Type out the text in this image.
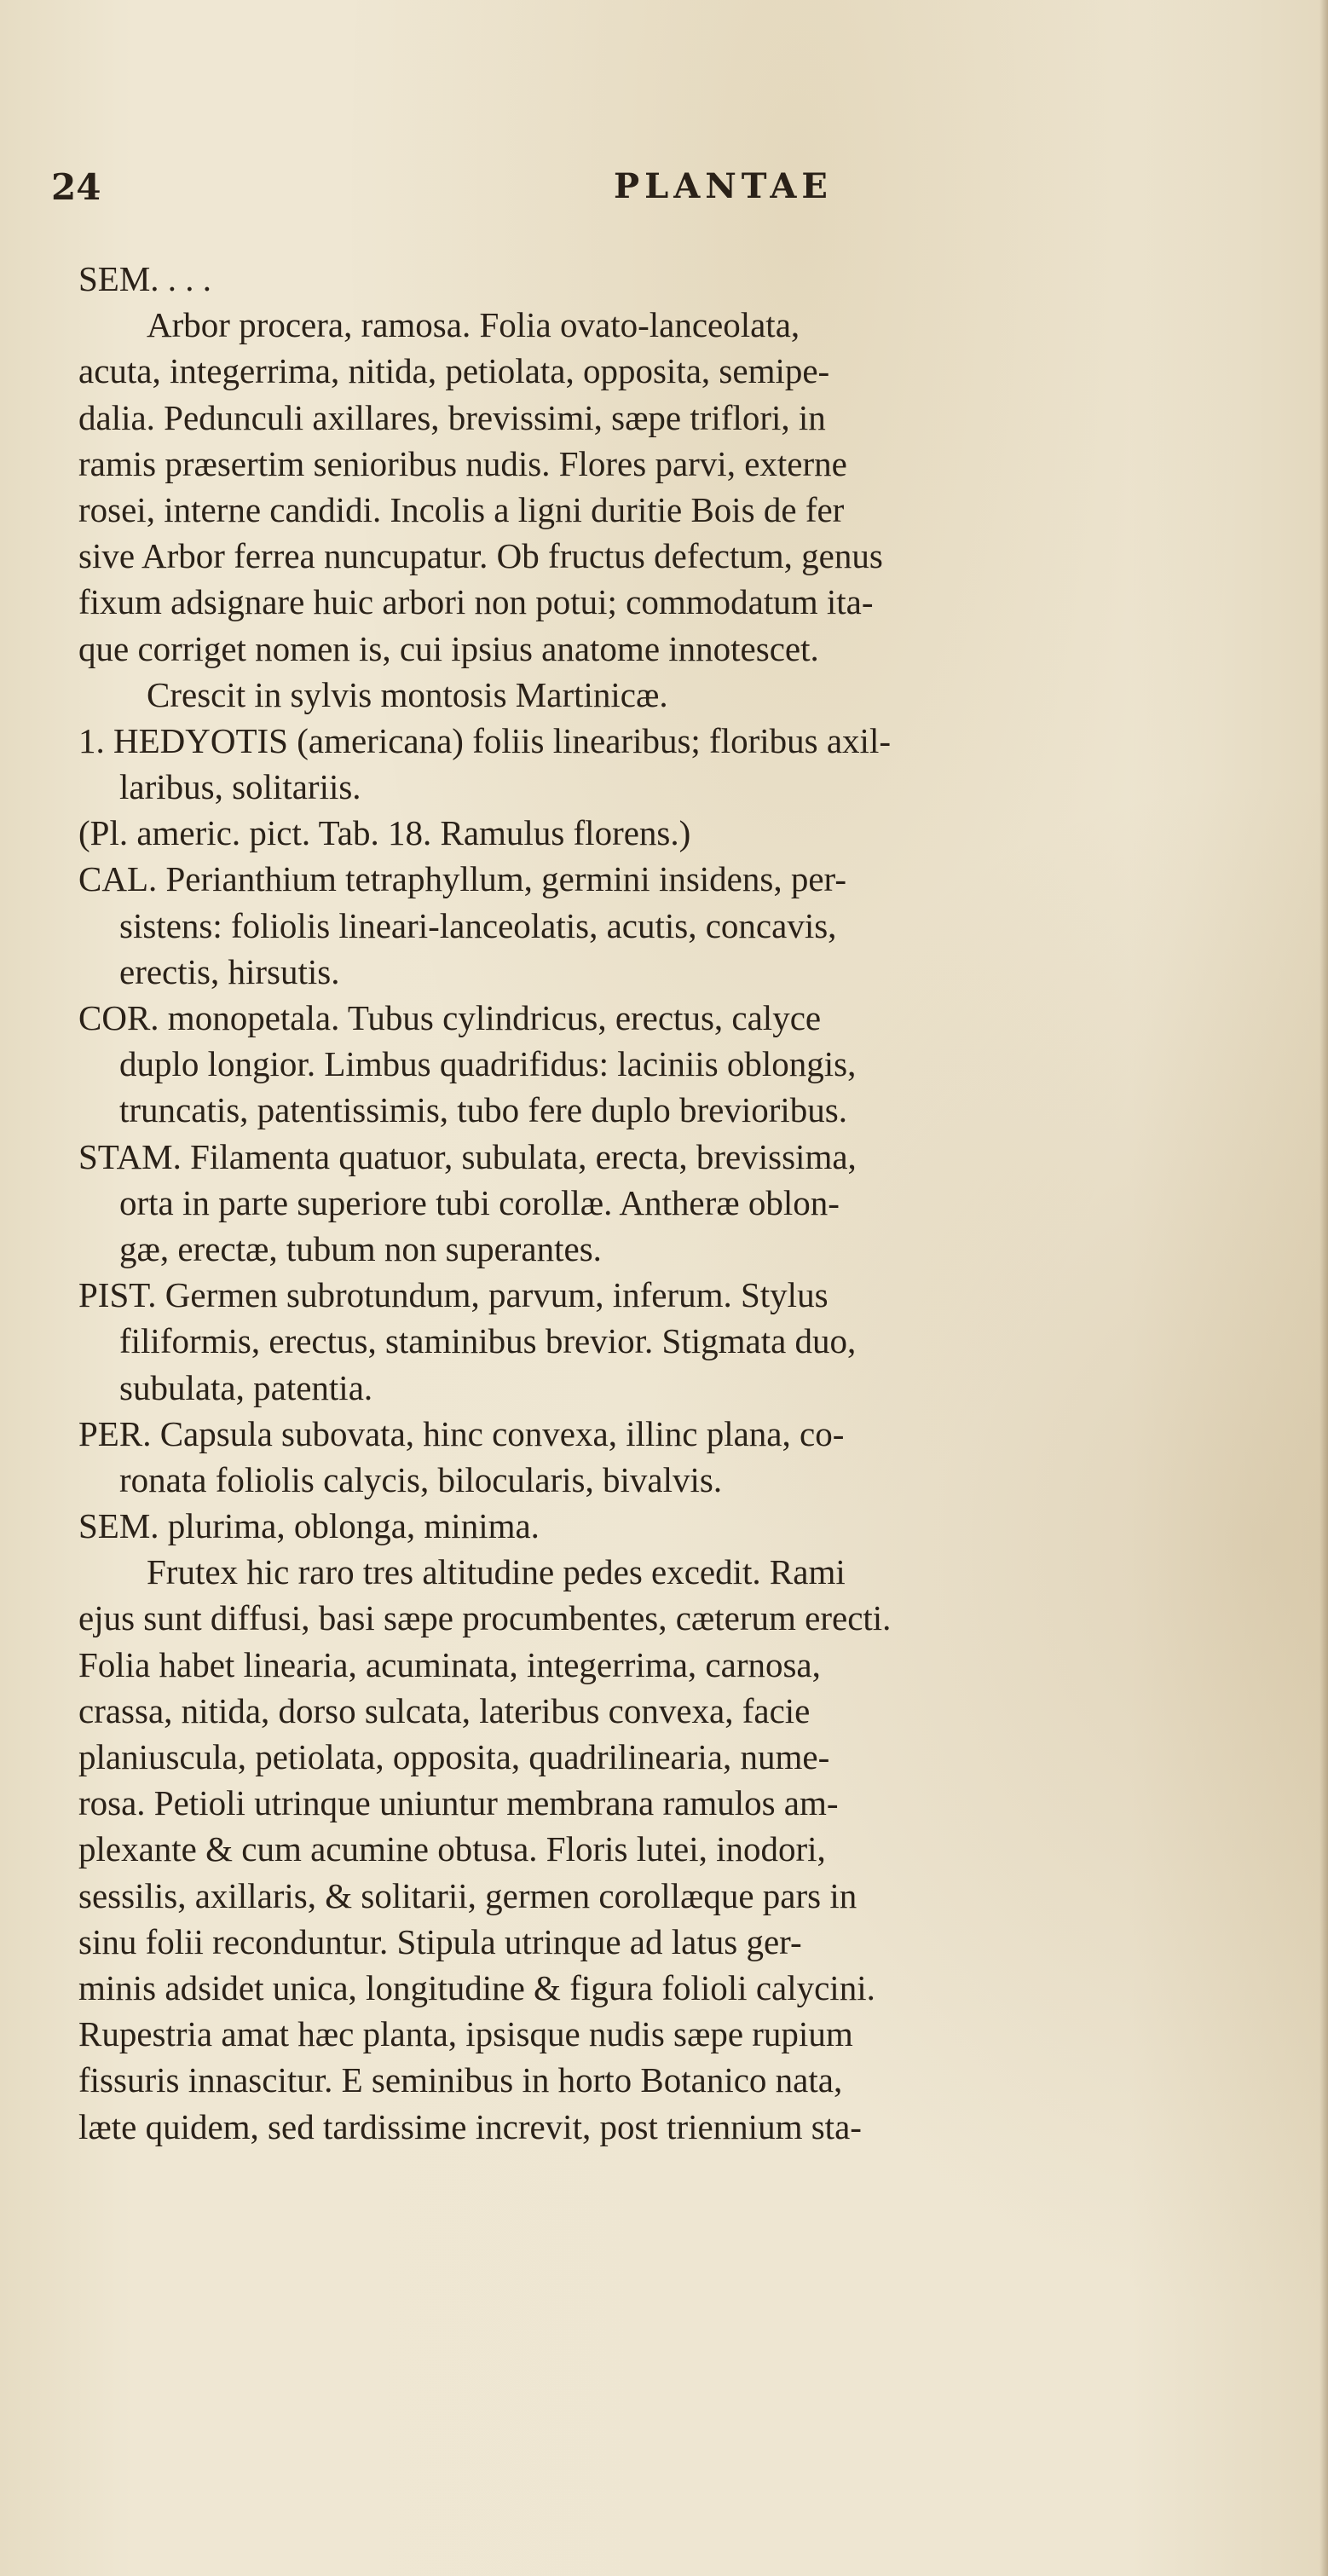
24	PLANTAE
SEM. . . .
Arbor procera, ramosa. Folia ovato-lanceolata,
acuta, integerrima, nitida, petiolata, opposita, semipe-
dalia. Pedunculi axillares, brevissimi, sæpe triflori, in
ramis præsertim senioribus nudis. Flores parvi, externe
rosei, interne candidi. Incolis a ligni duritie Bois de fer
sive Arbor ferrea nuncupatur. Ob fructus defectum, genus
fixum adsignare huic arbori non potui; commodatum ita-
que corriget nomen is, cui ipsius anatome innotescet.
Crescit in sylvis montosis Martinicæ.
1. HEDYOTIS (americana) foliis linearibus; floribus axil-
laribus, solitariis.
(Pl. americ. pict. Tab. 18. Ramulus florens.)
CAL. Perianthium tetraphyllum, germini insidens, per-
sistens: foliolis lineari-lanceolatis, acutis, concavis,
erectis, hirsutis.
COR. monopetala. Tubus cylindricus, erectus, calyce
duplo longior. Limbus quadrifidus: laciniis oblongis,
truncatis, patentissimis, tubo fere duplo brevioribus.
STAM. Filamenta quatuor, subulata, erecta, brevissima,
orta in parte superiore tubi corollæ. Antheræ oblon-
gæ, erectæ, tubum non superantes.
PIST. Germen subrotundum, parvum, inferum. Stylus
filiformis, erectus, staminibus brevior. Stigmata duo,
subulata, patentia.
PER. Capsula subovata, hinc convexa, illinc plana, co-
ronata foliolis calycis, bilocularis, bivalvis.
SEM. plurima, oblonga, minima.
Frutex hic raro tres altitudine pedes excedit. Rami
ejus sunt diffusi, basi sæpe procumbentes, cæterum erecti.
Folia habet linearia, acuminata, integerrima, carnosa,
crassa, nitida, dorso sulcata, lateribus convexa, facie
planiuscula, petiolata, opposita, quadrilinearia, nume-
rosa. Petioli utrinque uniuntur membrana ramulos am-
plexante & cum acumine obtusa. Floris lutei, inodori,
sessilis, axillaris, & solitarii, germen corollæque pars in
sinu folii reconduntur. Stipula utrinque ad latus ger-
minis adsidet unica, longitudine & figura folioli calycini.
Rupestria amat hæc planta, ipsisque nudis sæpe rupium
fissuris innascitur. E seminibus in horto Botanico nata,
læte quidem, sed tardissime increvit, post triennium sta-
